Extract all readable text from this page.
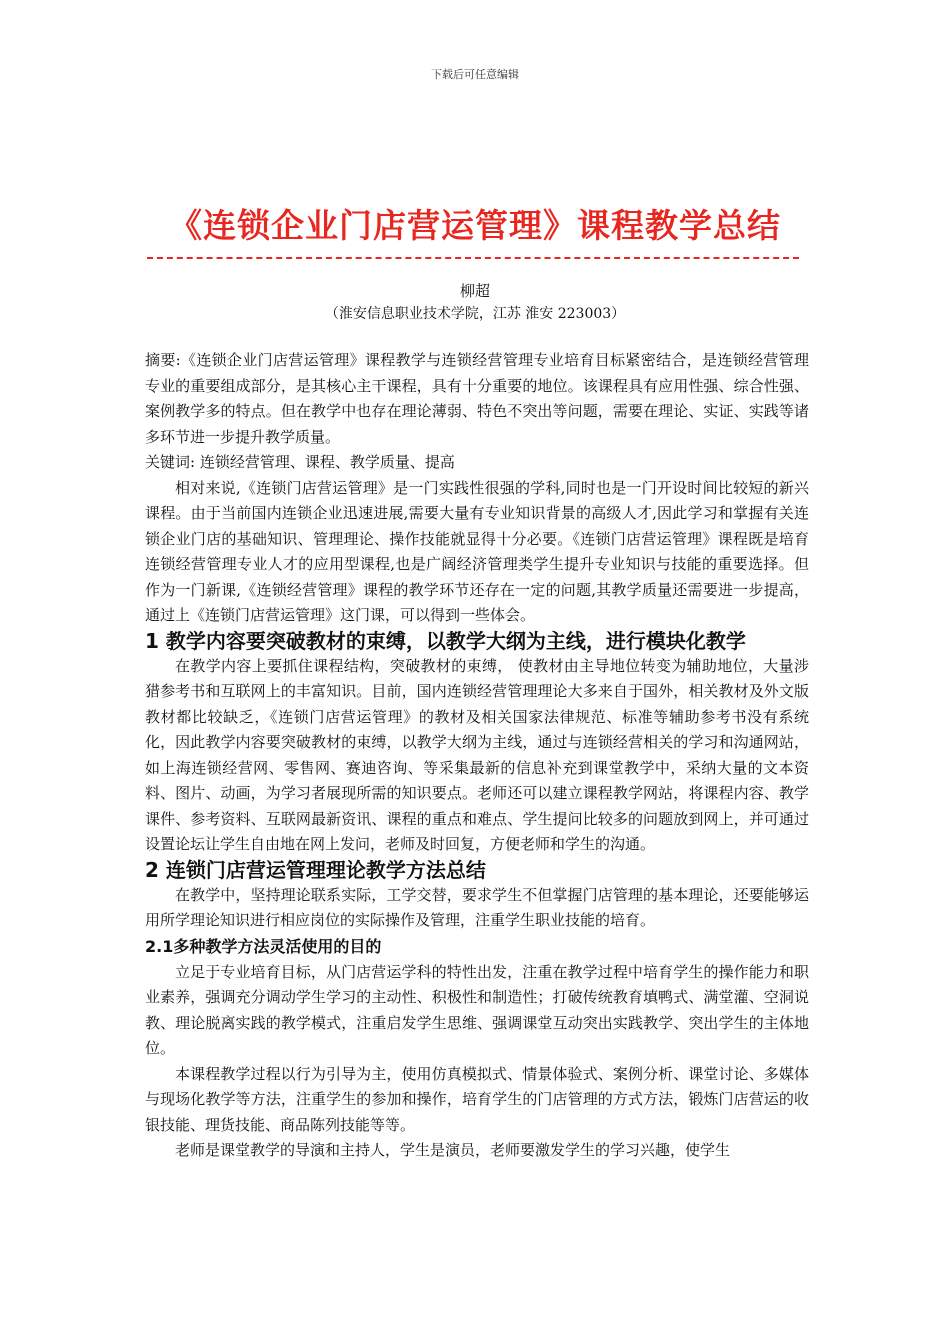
下载后可任意编辑
《连锁企业门店营运管理》课程教学总结
柳超
（淮安信息职业技术学院，江苏 淮安 223003）

摘要:《连锁企业门店营运管理》课程教学与连锁经营管理专业培育目标紧密结合，是连锁经营管理专业的重要组成部分，是其核心主干课程，具有十分重要的地位。该课程具有应用性强、综合性强、案例教学多的特点。但在教学中也存在理论薄弱、特色不突出等问题，需要在理论、实证、实践等诸多环节进一步提升教学质量。

关键词: 连锁经营管理、课程、教学质量、提高

相对来说,《连锁门店营运管理》是一门实践性很强的学科,同时也是一门开设时间比较短的新兴课程。由于当前国内连锁企业迅速进展,需要大量有专业知识背景的高级人才,因此学习和掌握有关连锁企业门店的基础知识、管理理论、操作技能就显得十分必要。《连锁门店营运管理》课程既是培育连锁经营管理专业人才的应用型课程,也是广阔经济管理类学生提升专业知识与技能的重要选择。但作为一门新课,《连锁经营管理》课程的教学环节还存在一定的问题,其教学质量还需要进一步提高，通过上《连锁门店营运管理》这门课，可以得到一些体会。

1 教学内容要突破教材的束缚，以教学大纲为主线，进行模块化教学

在教学内容上要抓住课程结构，突破教材的束缚， 使教材由主导地位转变为辅助地位，大量涉猎参考书和互联网上的丰富知识。目前，国内连锁经营管理理论大多来自于国外，相关教材及外文版教材都比较缺乏，《连锁门店营运管理》的教材及相关国家法律规范、标准等辅助参考书没有系统化，因此教学内容要突破教材的束缚，以教学大纲为主线，通过与连锁经营相关的学习和沟通网站，如上海连锁经营网、零售网、赛迪咨询、等采集最新的信息补充到课堂教学中，采纳大量的文本资料、图片、动画，为学习者展现所需的知识要点。老师还可以建立课程教学网站，将课程内容、教学课件、参考资料、互联网最新资讯、课程的重点和难点、学生提问比较多的问题放到网上，并可通过设置论坛让学生自由地在网上发问，老师及时回复，方便老师和学生的沟通。

2 连锁门店营运管理理论教学方法总结

在教学中，坚持理论联系实际，工学交替，要求学生不但掌握门店管理的基本理论，还要能够运用所学理论知识进行相应岗位的实际操作及管理，注重学生职业技能的培育。

2.1多种教学方法灵活使用的目的

立足于专业培育目标，从门店营运学科的特性出发，注重在教学过程中培育学生的操作能力和职业素养，强调充分调动学生学习的主动性、积极性和制造性；打破传统教育填鸭式、满堂灌、空洞说教、理论脱离实践的教学模式，注重启发学生思维、强调课堂互动突出实践教学、突出学生的主体地位。

本课程教学过程以行为引导为主，使用仿真模拟式、情景体验式、案例分析、课堂讨论、多媒体与现场化教学等方法，注重学生的参加和操作，培育学生的门店管理的方式方法，锻炼门店营运的收银技能、理货技能、商品陈列技能等等。

老师是课堂教学的导演和主持人，学生是演员，老师要激发学生的学习兴趣，使学生
